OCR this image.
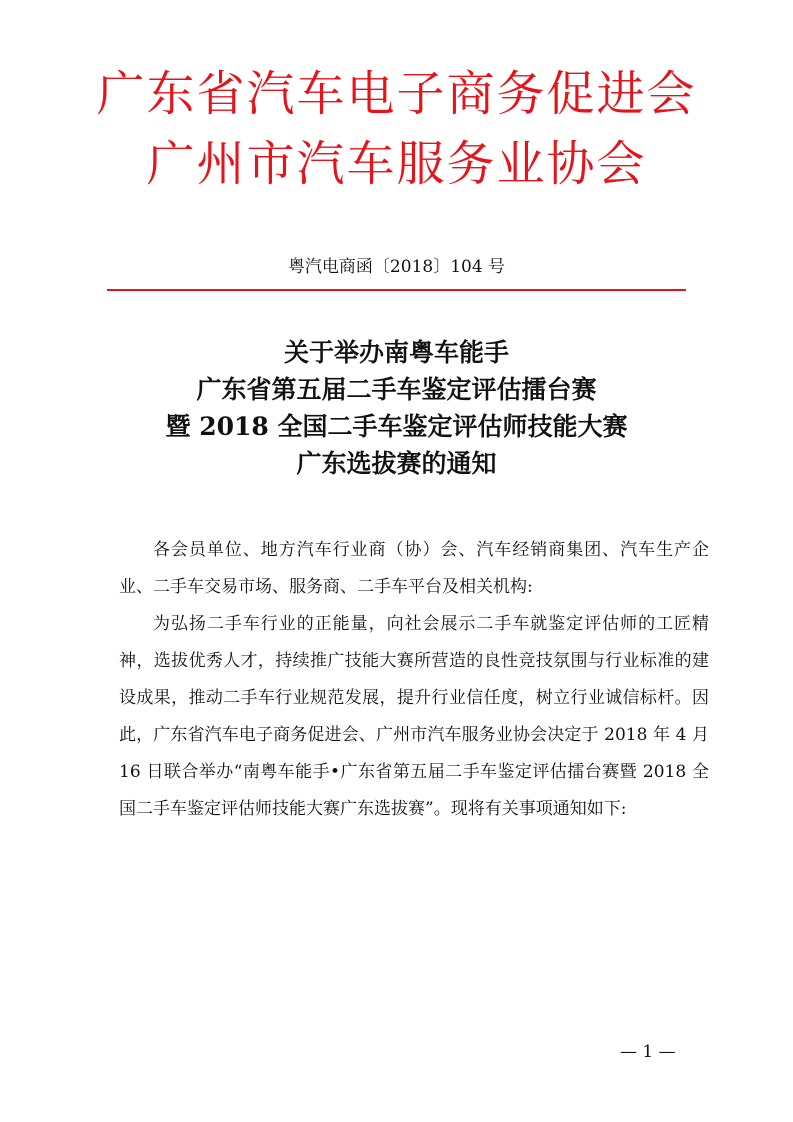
广东省汽车电子商务促进会
广州市汽车服务业协会
粤汽电商函〔2018〕104 号
关于举办南粤车能手
广东省第五届二手车鉴定评估擂台赛
暨 2018 全国二手车鉴定评估师技能大赛
广东选拔赛的通知

各会员单位、地方汽车行业商（协）会、汽车经销商集团、汽车生产企业、二手车交易市场、服务商、二手车平台及相关机构:

为弘扬二手车行业的正能量，向社会展示二手车就鉴定评估师的工匠精神，选拔优秀人才，持续推广技能大赛所营造的良性竞技氛围与行业标准的建设成果，推动二手车行业规范发展，提升行业信任度，树立行业诚信标杆。因此，广东省汽车电子商务促进会、广州市汽车服务业协会决定于 2018 年 4 月 16 日联合举办“南粤车能手•广东省第五届二手车鉴定评估擂台赛暨 2018 全国二手车鉴定评估师技能大赛广东选拔赛”。现将有关事项通知如下:

— 1 —
